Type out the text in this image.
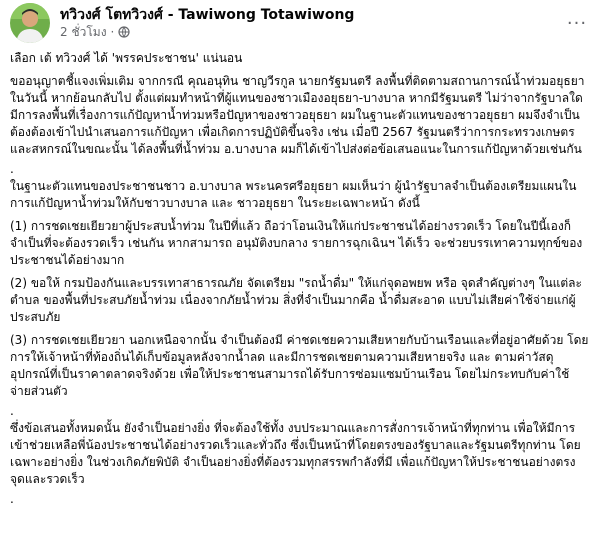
ทวิวงศ์ โตทวิวงศ์ - Tawiwong Totawiwong
2 ชั่วโมง ·	···

เลือก เต้ ทวิวงศ์ ได้ 'พรรคประชาชน' แน่นอน

ขออนุญาตชี้แจงเพิ่มเติม จากกรณี คุณอนุทิน ชาญวีรกูล นายกรัฐมนตรี ลงพื้นที่ติดตามสถานการณ์น้ำท่วมอยุธยาในวันนี้ หากย้อนกลับไป ตั้งแต่ผมทำหน้าที่ผู้แทนของชาวเมืองอยุธยา-บางบาล หากมีรัฐมนตรี ไม่ว่าจากรัฐบาลใด มีการลงพื้นที่เรื่องการแก้ปัญหาน้ำท่วมหรือปัญหาของชาวอยุธยา ผมในฐานะตัวแทนของชาวอยุธยา ผมจึงจำเป็นต้องต้องเข้าไปนำเสนอการแก้ปัญหา เพื่อเกิดการปฏิบัติขึ้นจริง เช่น เมื่อปี 2567 รัฐมนตรีว่าการกระทรวงเกษตรและสหกรณ์ในขณะนั้น ได้ลงพื้นที่น้ำท่วม อ.บางบาล ผมก็ได้เข้าไปส่งต่อข้อเสนอแนะในการแก้ปัญหาด้วยเช่นกัน

.

ในฐานะตัวแทนของประชาชนชาว อ.บางบาล พระนครศรีอยุธยา ผมเห็นว่า ผู้นำรัฐบาลจำเป็นต้องเตรียมแผนในการแก้ปัญหาน้ำท่วมให้กับชาวบางบาล และ ชาวอยุธยา ในระยะเฉพาะหน้า ดังนี้

(1) การชดเชยเยียวยาผู้ประสบน้ำท่วม ในปีที่แล้ว ถือว่าโอนเงินให้แก่ประชาชนได้อย่างรวดเร็ว โดยในปีนี้เองก็จำเป็นที่จะต้องรวดเร็ว เช่นกัน หากสามารถ อนุมัติงบกลาง รายการฉุกเฉินฯ ได้เร็ว จะช่วยบรรเทาความทุกข์ของประชาชนได้อย่างมาก

(2) ขอให้ กรมป้องกันและบรรเทาสาธารณภัย จัดเตรียม "รถน้ำดื่ม" ให้แก่จุดอพยพ หรือ จุดสำคัญต่างๆ ในแต่ละ ตำบล ของพื้นที่ประสบภัยน้ำท่วม เนื่องจากภัยน้ำท่วม สิ่งที่จำเป็นมากคือ น้ำดื่มสะอาด แบบไม่เสียค่าใช้จ่ายแก่ผู้ประสบภัย

(3) การชดเชยเยียวยา นอกเหนือจากนั้น จำเป็นต้องมี ค่าชดเชยความเสียหายกับบ้านเรือนและที่อยู่อาศัยด้วย โดยการให้เจ้าหน้าที่ท้องถิ่นได้เก็บข้อมูลหลังจากน้ำลด และมีการชดเชยตามความเสียหายจริง และ ตามค่าวัสดุอุปกรณ์ที่เป็นราคาตลาดจริงด้วย เพื่อให้ประชาชนสามารถได้รับการซ่อมแซมบ้านเรือน โดยไม่กระทบกับค่าใช้จ่ายส่วนตัว

.

ซึ่งข้อเสนอทั้งหมดนั้น ยังจำเป็นอย่างยิ่ง ที่จะต้องใช้ทั้ง งบประมาณและการสั่งการเจ้าหน้าที่ทุกท่าน เพื่อให้มีการเข้าช่วยเหลือพี่น้องประชาชนได้อย่างรวดเร็วและทั่วถึง ซึ่งเป็นหน้าที่โดยตรงของรัฐบาลและรัฐมนตรีทุกท่าน โดยเฉพาะอย่างยิ่ง ในช่วงเกิดภัยพิบัติ จำเป็นอย่างยิ่งที่ต้องรวมทุกสรรพกำลังที่มี เพื่อแก้ปัญหาให้ประชาชนอย่างตรงจุดและรวดเร็ว

.
